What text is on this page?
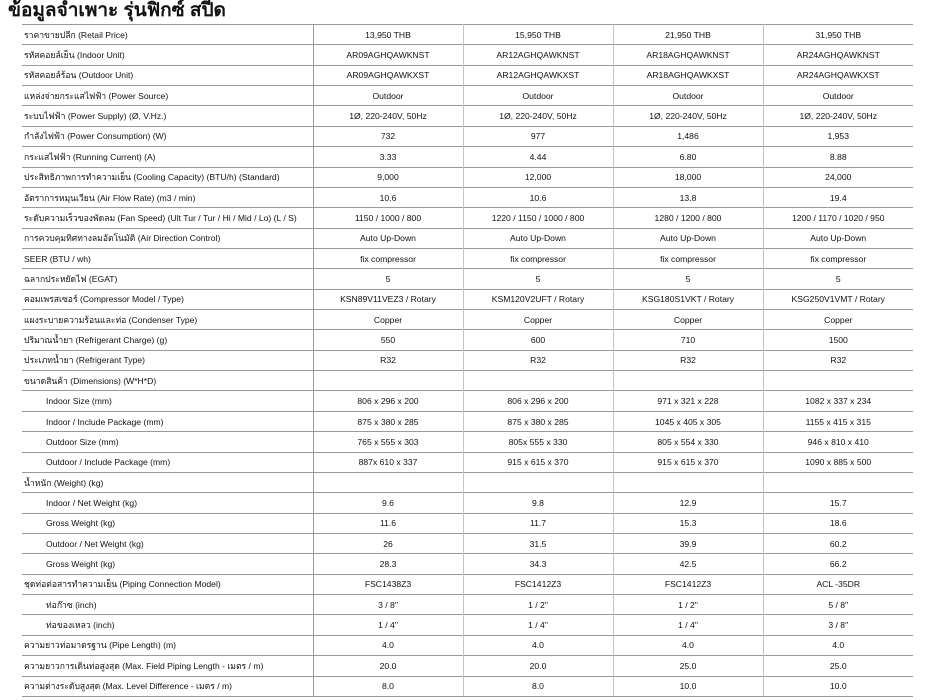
ข้อมูลจำเพาะ รุ่นฟิกซ์ สปีด
ราคาขายปลีก (Retail Price)	13,950 THB	15,950 THB	21,950 THB	31,950 THB
รหัสคอยล์เย็น (Indoor Unit)	AR09AGHQAWKNST	AR12AGHQAWKNST	AR18AGHQAWKNST	AR24AGHQAWKNST
รหัสคอยล์ร้อน (Outdoor Unit)	AR09AGHQAWKXST	AR12AGHQAWKXST	AR18AGHQAWKXST	AR24AGHQAWKXST
แหล่งจ่ายกระแสไฟฟ้า (Power Source)	Outdoor	Outdoor	Outdoor	Outdoor
ระบบไฟฟ้า (Power Supply) (Ø, V.Hz.)	1Ø, 220-240V, 50Hz	1Ø, 220-240V, 50Hz	1Ø, 220-240V, 50Hz	1Ø, 220-240V, 50Hz
กำลังไฟฟ้า (Power Consumption) (W)	732	977	1,486	1,953
กระแสไฟฟ้า (Running Current) (A)	3.33	4.44	6.80	8.88
ประสิทธิภาพการทำความเย็น (Cooling Capacity) (BTU/h) (Standard)	9,000	12,000	18,000	24,000
อัตราการหมุนเวียน (Air Flow Rate) (m3 / min)	10.6	10.6	13.8	19.4
ระดับความเร็วของพัดลม (Fan Speed) (Ult Tur / Tur / Hi / Mid / Lo) (L / S)	1150 / 1000 / 800	1220 / 1150 / 1000 / 800	1280 / 1200 / 800	1200 / 1170 / 1020 / 950
การควบคุมทิศทางลมอัตโนมัติ (Air Direction Control)	Auto Up-Down	Auto Up-Down	Auto Up-Down	Auto Up-Down
SEER (BTU / wh)	fix compressor	fix compressor	fix compressor	fix compressor
ฉลากประหยัดไฟ (EGAT)	5	5	5	5
คอมเพรสเซอร์ (Compressor Model / Type)	KSN89V11VEZ3 / Rotary	KSM120V2UFT / Rotary	KSG180S1VKT / Rotary	KSG250V1VMT / Rotary
แผงระบายความร้อนและท่อ (Condenser Type)	Copper	Copper	Copper	Copper
ปริมาณน้ำยา (Refrigerant Charge) (g)	550	600	710	1500
ประเภทน้ำยา (Refrigerant Type)	R32	R32	R32	R32
ขนาดสินค้า (Dimensions) (W*H*D)				
Indoor Size (mm)	806 x 296 x 200	806 x 296 x 200	971 x 321 x 228	1082 x 337 x 234
Indoor / Include Package (mm)	875 x 380 x 285	875 x 380 x 285	1045 x 405 x 305	1155 x 415 x 315
Outdoor Size (mm)	765 x 555 x 303	805x 555 x 330	805 x 554 x 330	946 x 810 x 410
Outdoor / Include Package (mm)	887x 610 x 337	915 x 615 x 370	915 x 615 x 370	1090 x 885 x 500
น้ำหนัก (Weight) (kg)				
Indoor / Net Weight (kg)	9.6	9.8	12.9	15.7
Gross Weight (kg)	11.6	11.7	15.3	18.6
Outdoor / Net Weight (kg)	26	31.5	39.9	60.2
Gross Weight (kg)	28.3	34.3	42.5	66.2
ชุดท่อต่อสารทำความเย็น (Piping Connection Model)	FSC1438Z3	FSC1412Z3	FSC1412Z3	ACL -35DR
ท่อก๊าซ (inch)	3 / 8"	1 / 2"	1 / 2"	5 / 8"
ท่อของเหลว (inch)	1 / 4"	1 / 4"	1 / 4"	3 / 8"
ความยาวท่อมาตรฐาน (Pipe Length) (m)	4.0	4.0	4.0	4.0
ความยาวการเดินท่อสูงสุด (Max. Field Piping Length - เมตร / m)	20.0	20.0	25.0	25.0
ความต่างระดับสูงสุด (Max. Level Difference - เมตร / m)	8.0	8.0	10.0	10.0
